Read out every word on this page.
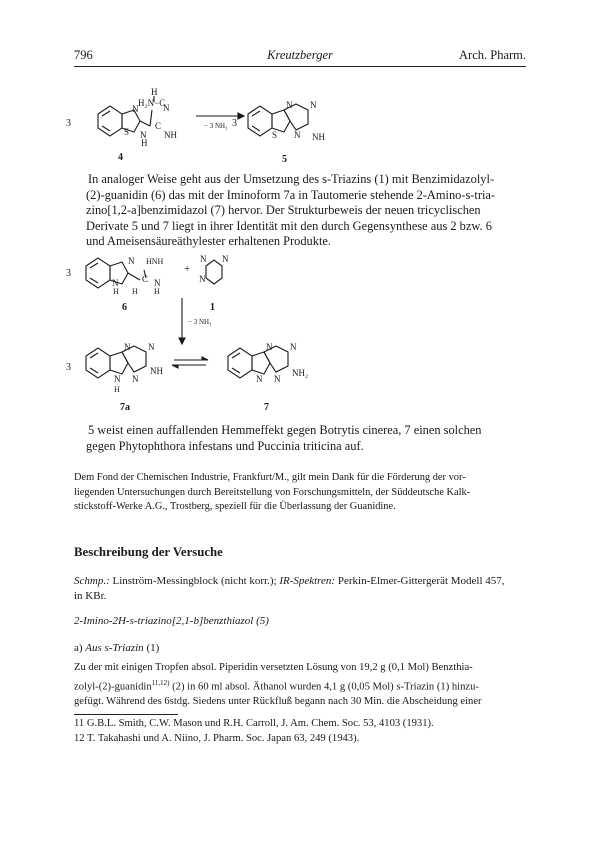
796	Kreutzberger	Arch. Pharm.
3
H
H₂N−C
N
N
S
C
NH
N
H
− 3 NH₃ 3
N N
S N NH
4	5
In analoger Weise geht aus der Umsetzung des s-Triazins (1) mit Benzimidazolyl-
(2)-guanidin (6) das mit der Iminoform 7a in Tautomerie stehende 2-Amino-s-tria-
zino[1,2-a]benzimidazol (7) hervor. Der Strukturbeweis der neuen tricyclischen
Derivate 5 und 7 liegt in ihrer Identität mit den durch Gegensynthese aus 2 bzw. 6
und Ameisensäureäthylester erhaltenen Produkte.
3
N HNH
C N
N
H H H
+
N N
N
6	1
− 3 NH₃
3
N N
N N
NH
H
N N
N N
NH₂
7a	7
5 weist einen auffallenden Hemmeffekt gegen Botrytis cinerea, 7 einen solchen
gegen Phytophthora infestans und Puccinia triticina auf.
Dem Fond der Chemischen Industrie, Frankfurt/M., gilt mein Dank für die Förderung der vor-
liegenden Untersuchungen durch Bereitstellung von Forschungsmitteln, der Süddeutsche Kalk-
stickstoff-Werke A.G., Trostberg, speziell für die Überlassung der Guanidine.
Beschreibung der Versuche
Schmp.: Linström-Messingblock (nicht korr.); IR-Spektren: Perkin-Elmer-Gittergerät Modell 457,
in KBr.
2-Imino-2H-s-triazino[2,1-b]benzthiazol (5)
a) Aus s-Triazin (1)
Zu der mit einigen Tropfen absol. Piperidin versetzten Lösung von 19,2 g (0,1 Mol) Benzthia-
zolyl-(2)-guanidin$^{11,12)}$ (2) in 60 ml absol. Äthanol wurden 4,1 g (0,05 Mol) s-Triazin (1) hinzu-
gefügt. Während des 6stdg. Siedens unter Rückfluß begann nach 30 Min. die Abscheidung einer
11 G.B.L. Smith, C.W. Mason und R.H. Carroll, J. Am. Chem. Soc. 53, 4103 (1931).
12 T. Takahashi und A. Niino, J. Pharm. Soc. Japan 63, 249 (1943).
